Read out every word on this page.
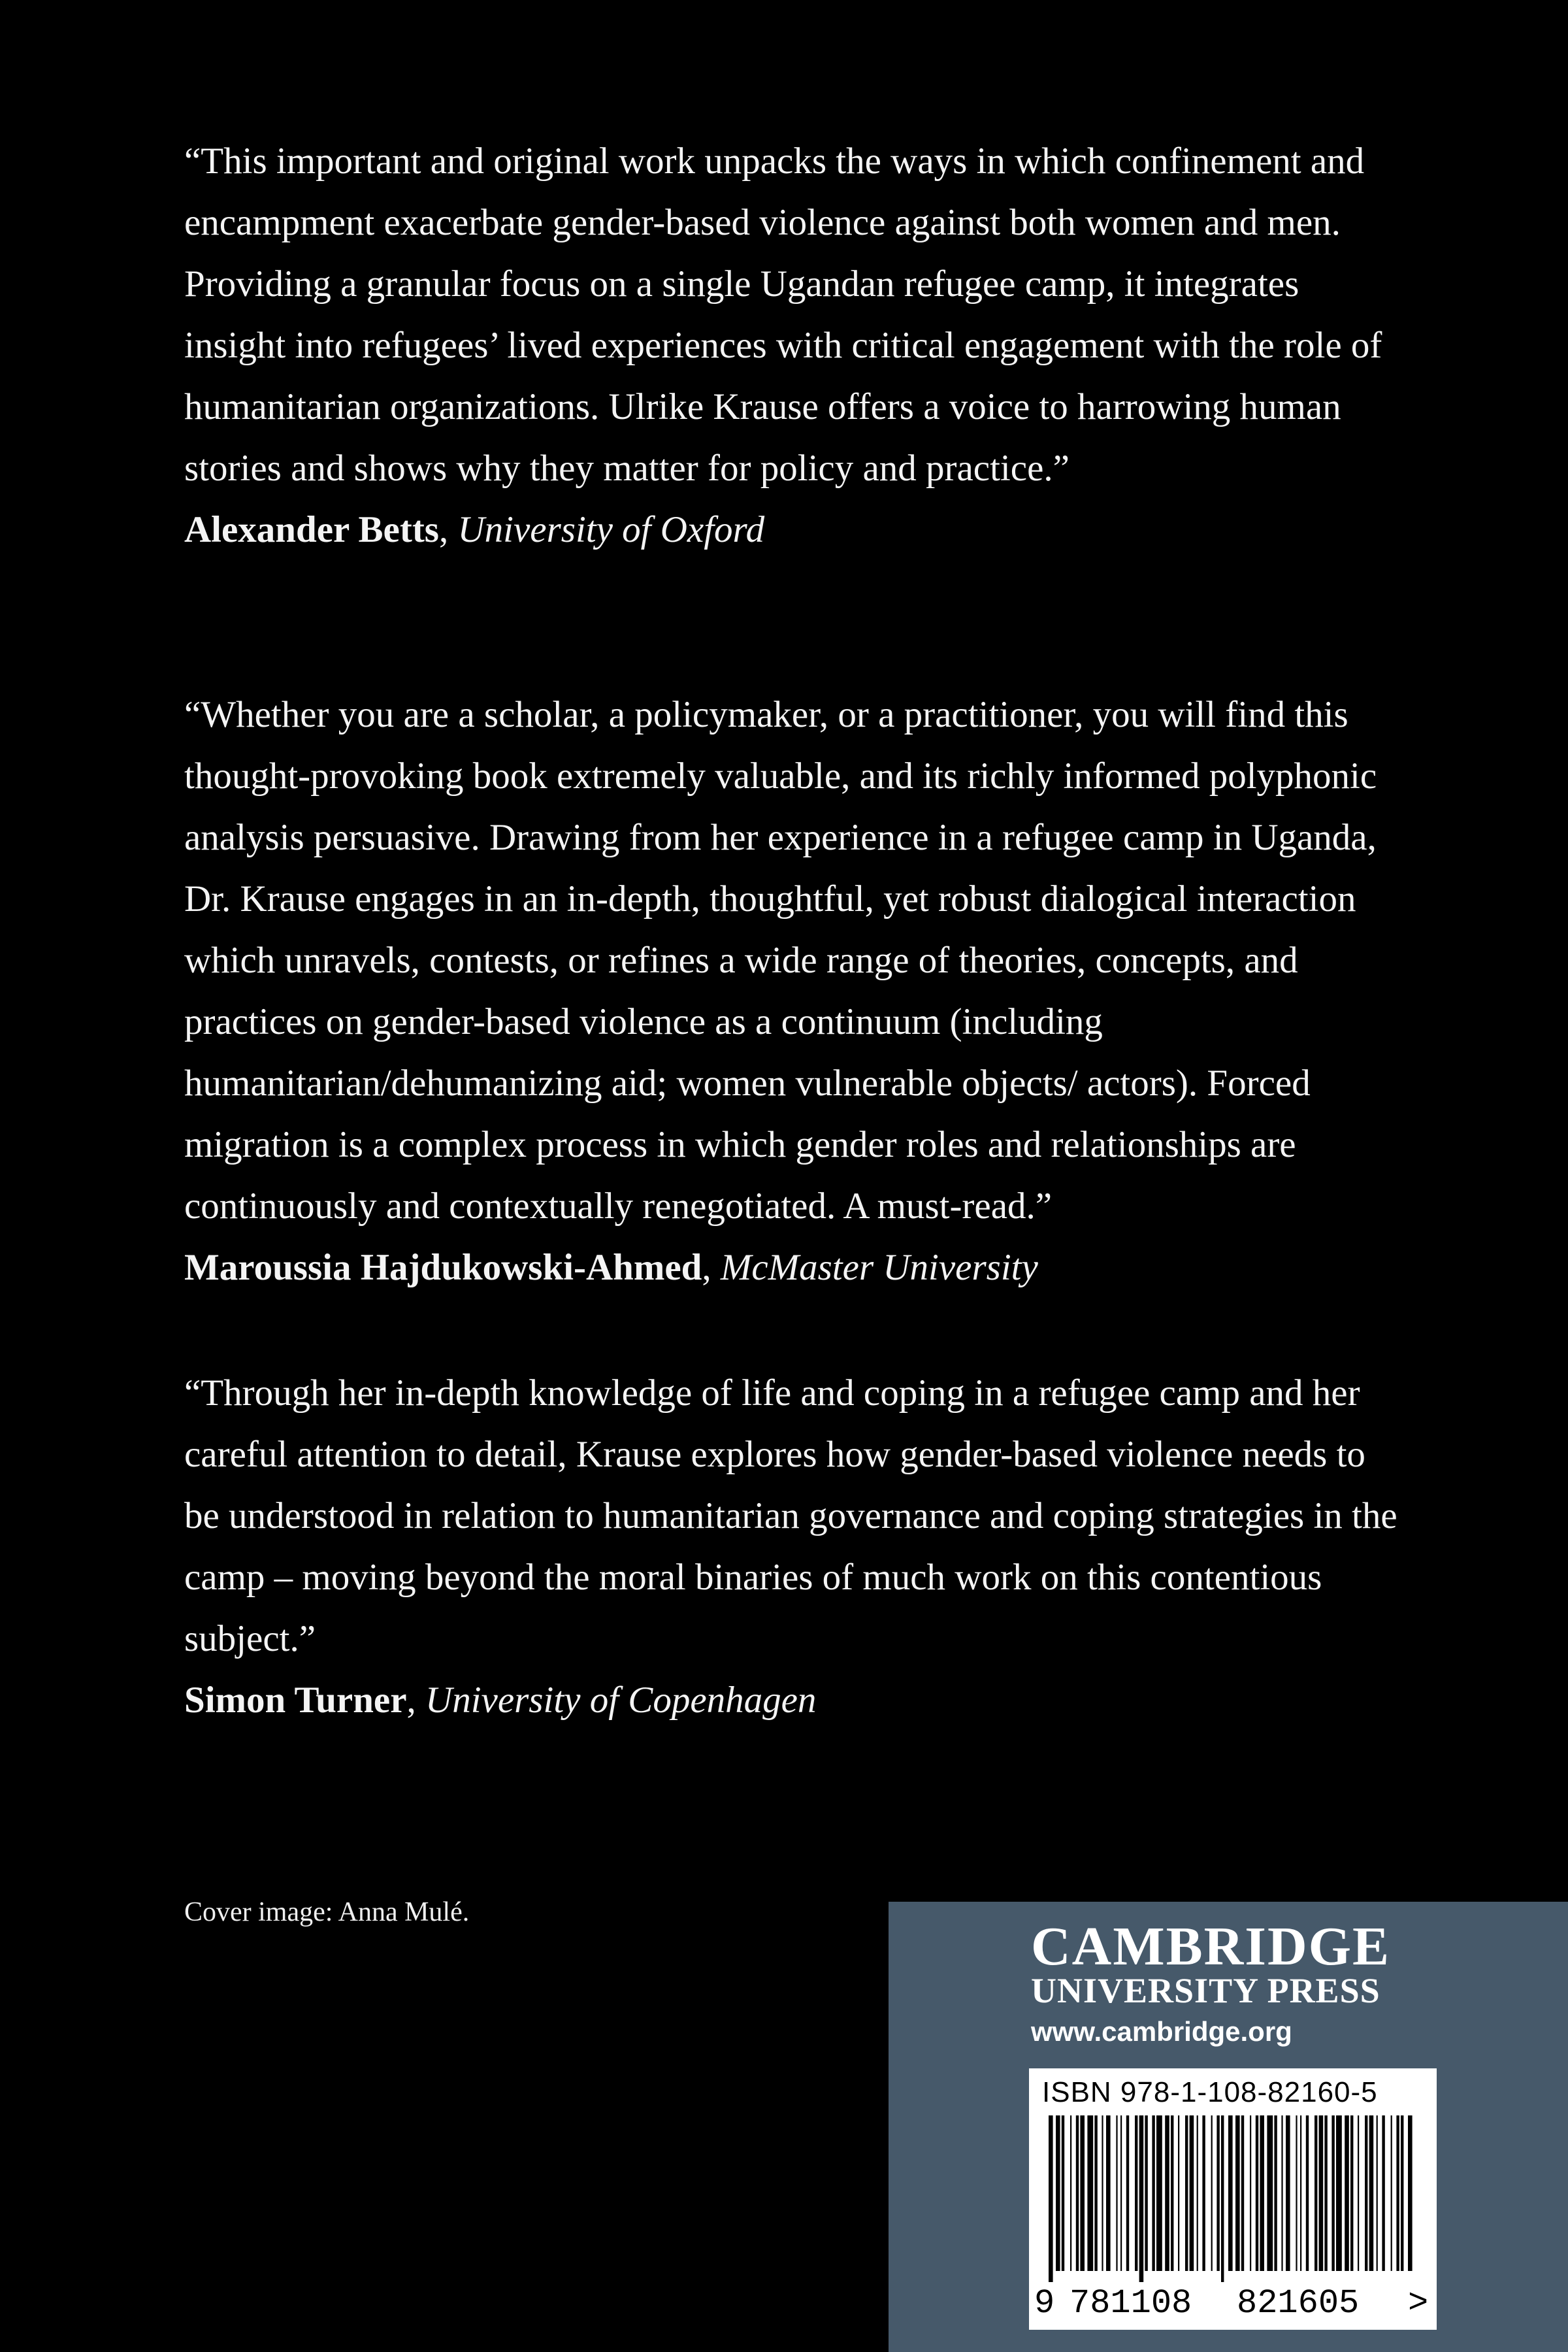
“This important and original work unpacks the ways in which confinement and encampment exacerbate gender-based violence against both women and men. Providing a granular focus on a single Ugandan refugee camp, it integrates insight into refugees’ lived experiences with critical engagement with the role of humanitarian organizations. Ulrike Krause offers a voice to harrowing human stories and shows why they matter for policy and practice.”

Alexander Betts, University of Oxford

“Whether you are a scholar, a policymaker, or a practitioner, you will find this thought-provoking book extremely valuable, and its richly informed polyphonic analysis persuasive. Drawing from her experience in a refugee camp in Uganda, Dr. Krause engages in an in-depth, thoughtful, yet robust dialogical interaction which unravels, contests, or refines a wide range of theories, concepts, and practices on gender-based violence as a continuum (including humanitarian/dehumanizing aid; women vulnerable objects/ actors). Forced migration is a complex process in which gender roles and relationships are continuously and contextually renegotiated. A must-read.”

Maroussia Hajdukowski-Ahmed, McMaster University

“Through her in-depth knowledge of life and coping in a refugee camp and her careful attention to detail, Krause explores how gender-based violence needs to be understood in relation to humanitarian governance and coping strategies in the camp – moving beyond the moral binaries of much work on this contentious subject.”

Simon Turner, University of Copenhagen

Cover image: Anna Mulé.
CAMBRIDGE
UNIVERSITY PRESS
www.cambridge.org
ISBN 978-1-108-82160-5
9 781108 821605 >
